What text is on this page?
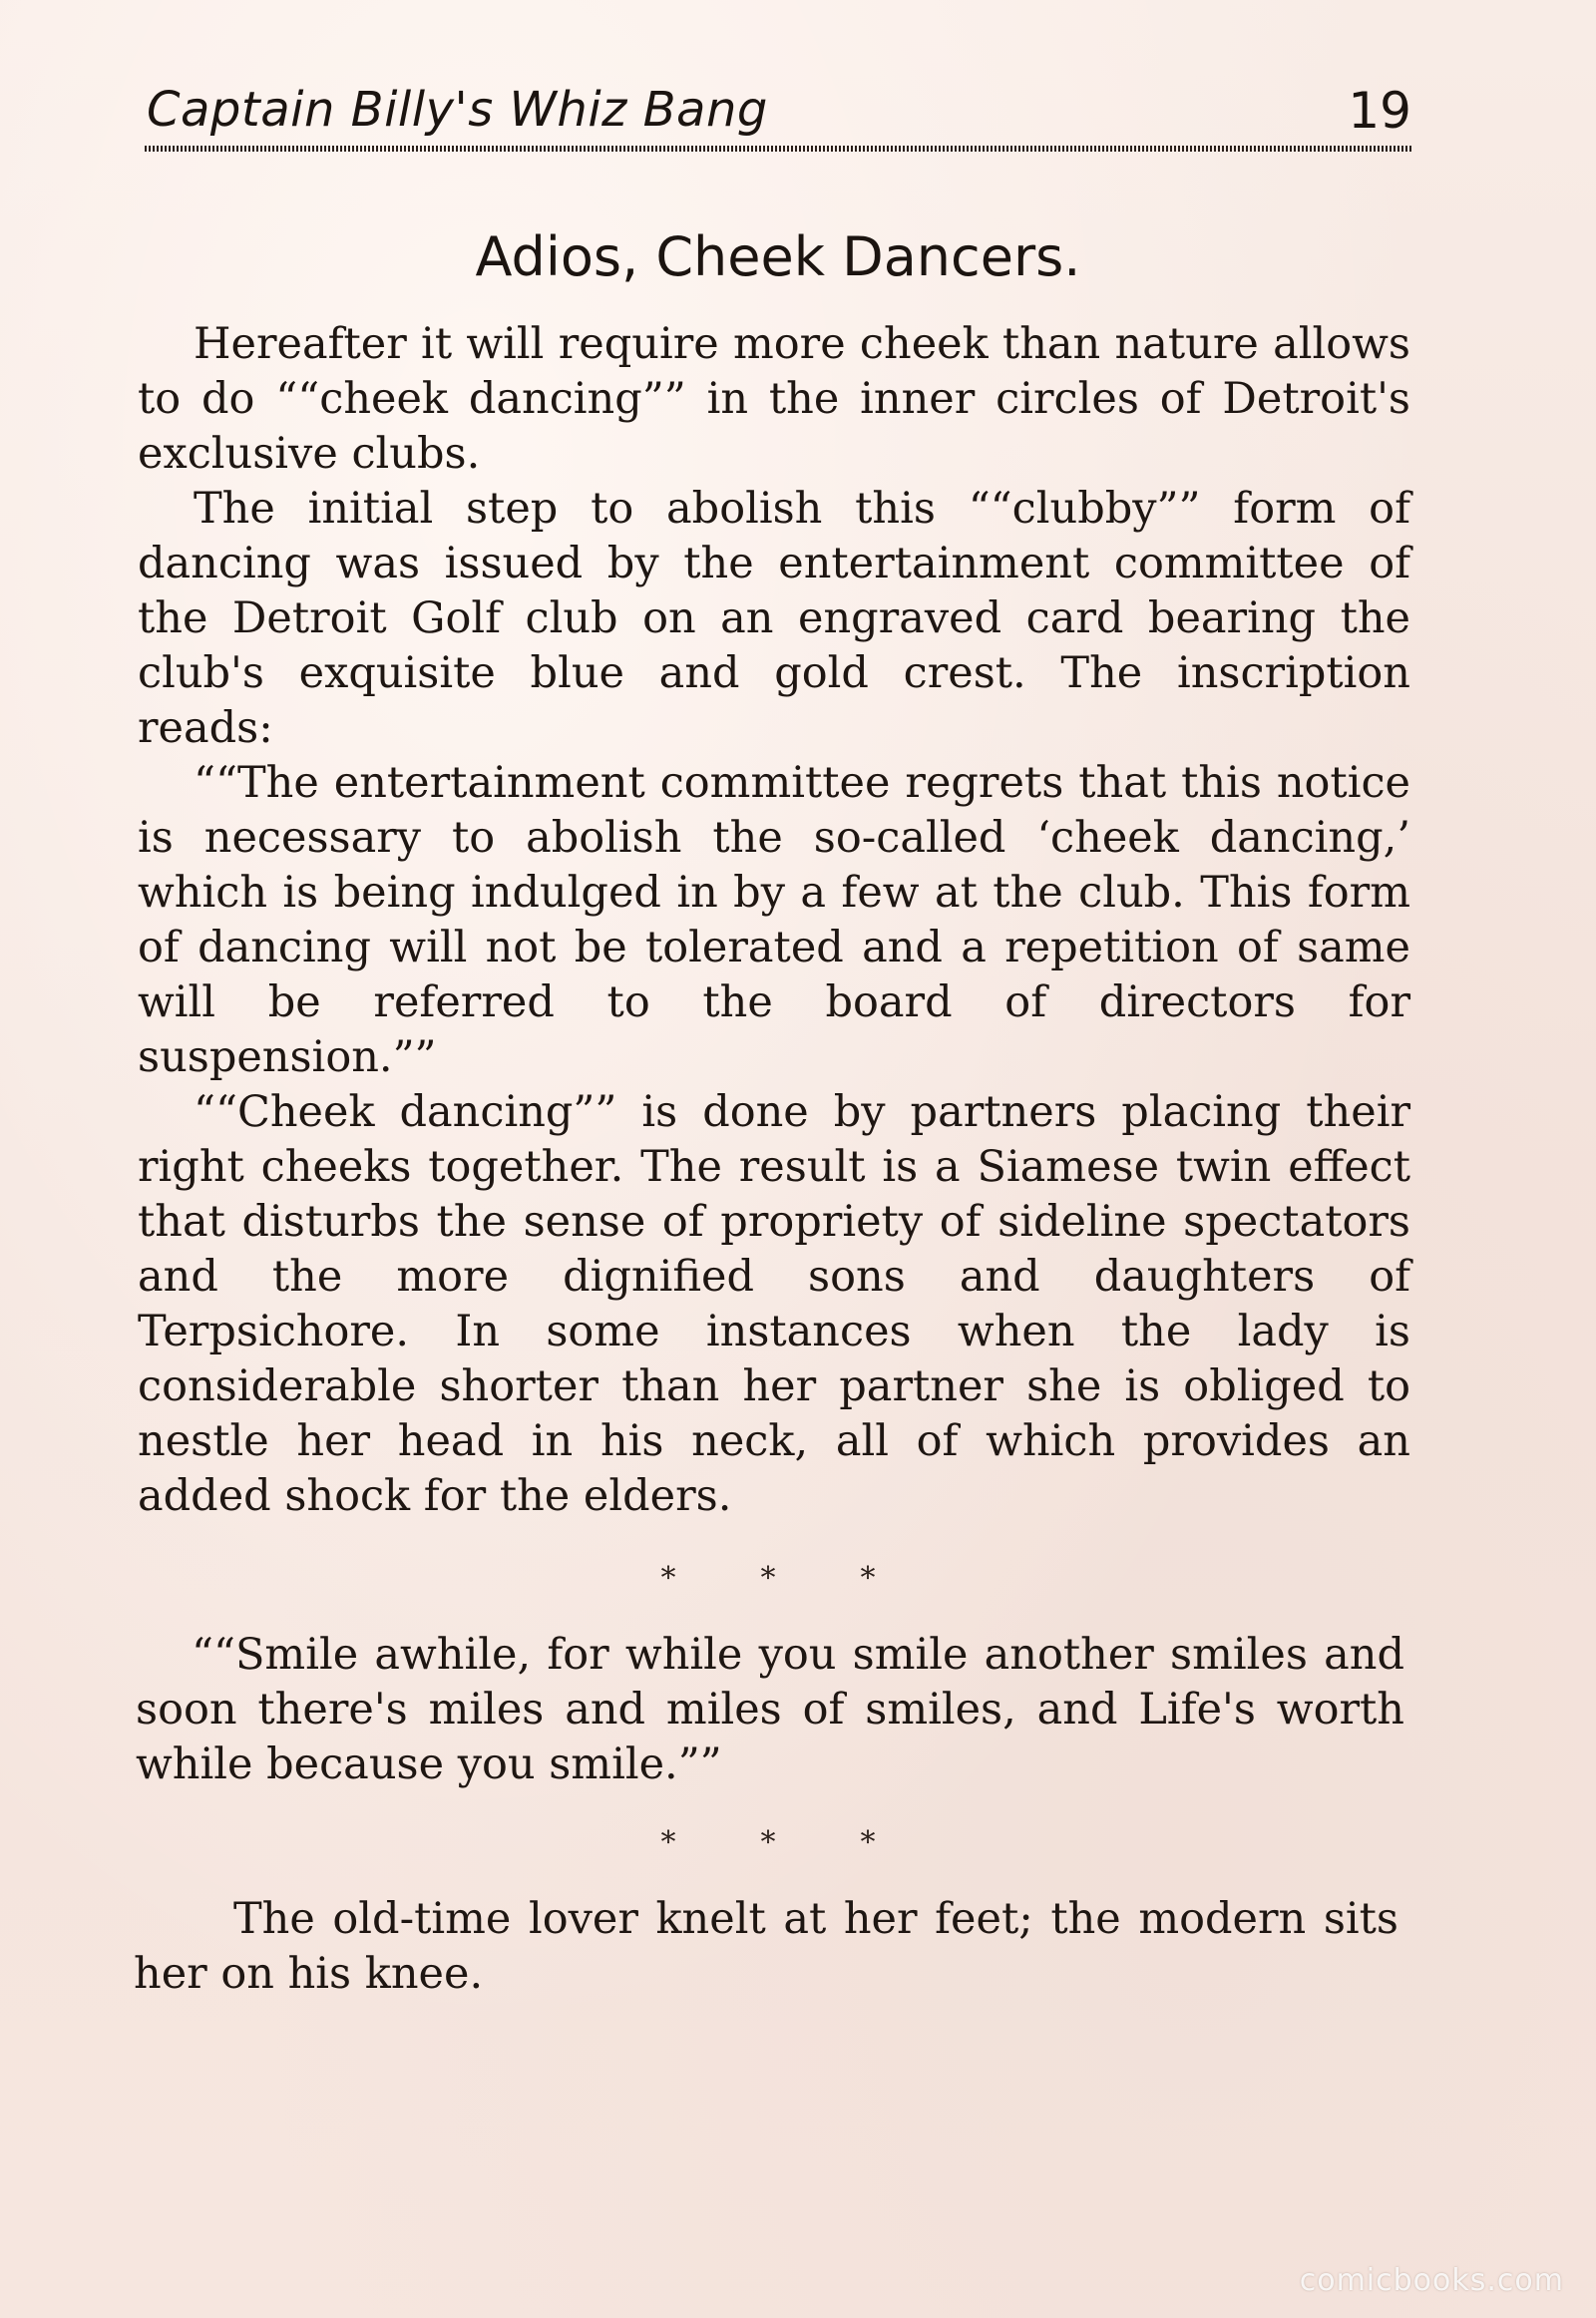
Captain Billy's Whiz Bang	19
Adios, Cheek Dancers.

Hereafter it will require more cheek than nature allows to do ““cheek dancing”” in the inner circles of Detroit's exclusive clubs.

The initial step to abolish this ““clubby”” form of dancing was issued by the entertainment committee of the Detroit Golf club on an engraved card bearing the club's exquisite blue and gold crest. The inscription reads:

““The entertainment committee regrets that this notice is necessary to abolish the so-called ‘cheek dancing,’ which is being indulged in by a few at the club. This form of dancing will not be tolerated and a repetition of same will be referred to the board of directors for suspension.””

““Cheek dancing”” is done by partners placing their right cheeks together. The result is a Siamese twin effect that disturbs the sense of propriety of sideline spectators and the more dignified sons and daughters of Terpsichore. In some instances when the lady is considerable shorter than her partner she is obliged to nestle her head in his neck, all of which provides an added shock for the elders.

*	*	*

““Smile awhile, for while you smile another smiles and soon there's miles and miles of smiles, and Life's worth while because you smile.””

*	*	*

The old-time lover knelt at her feet; the modern sits her on his knee.

comicbooks.com
